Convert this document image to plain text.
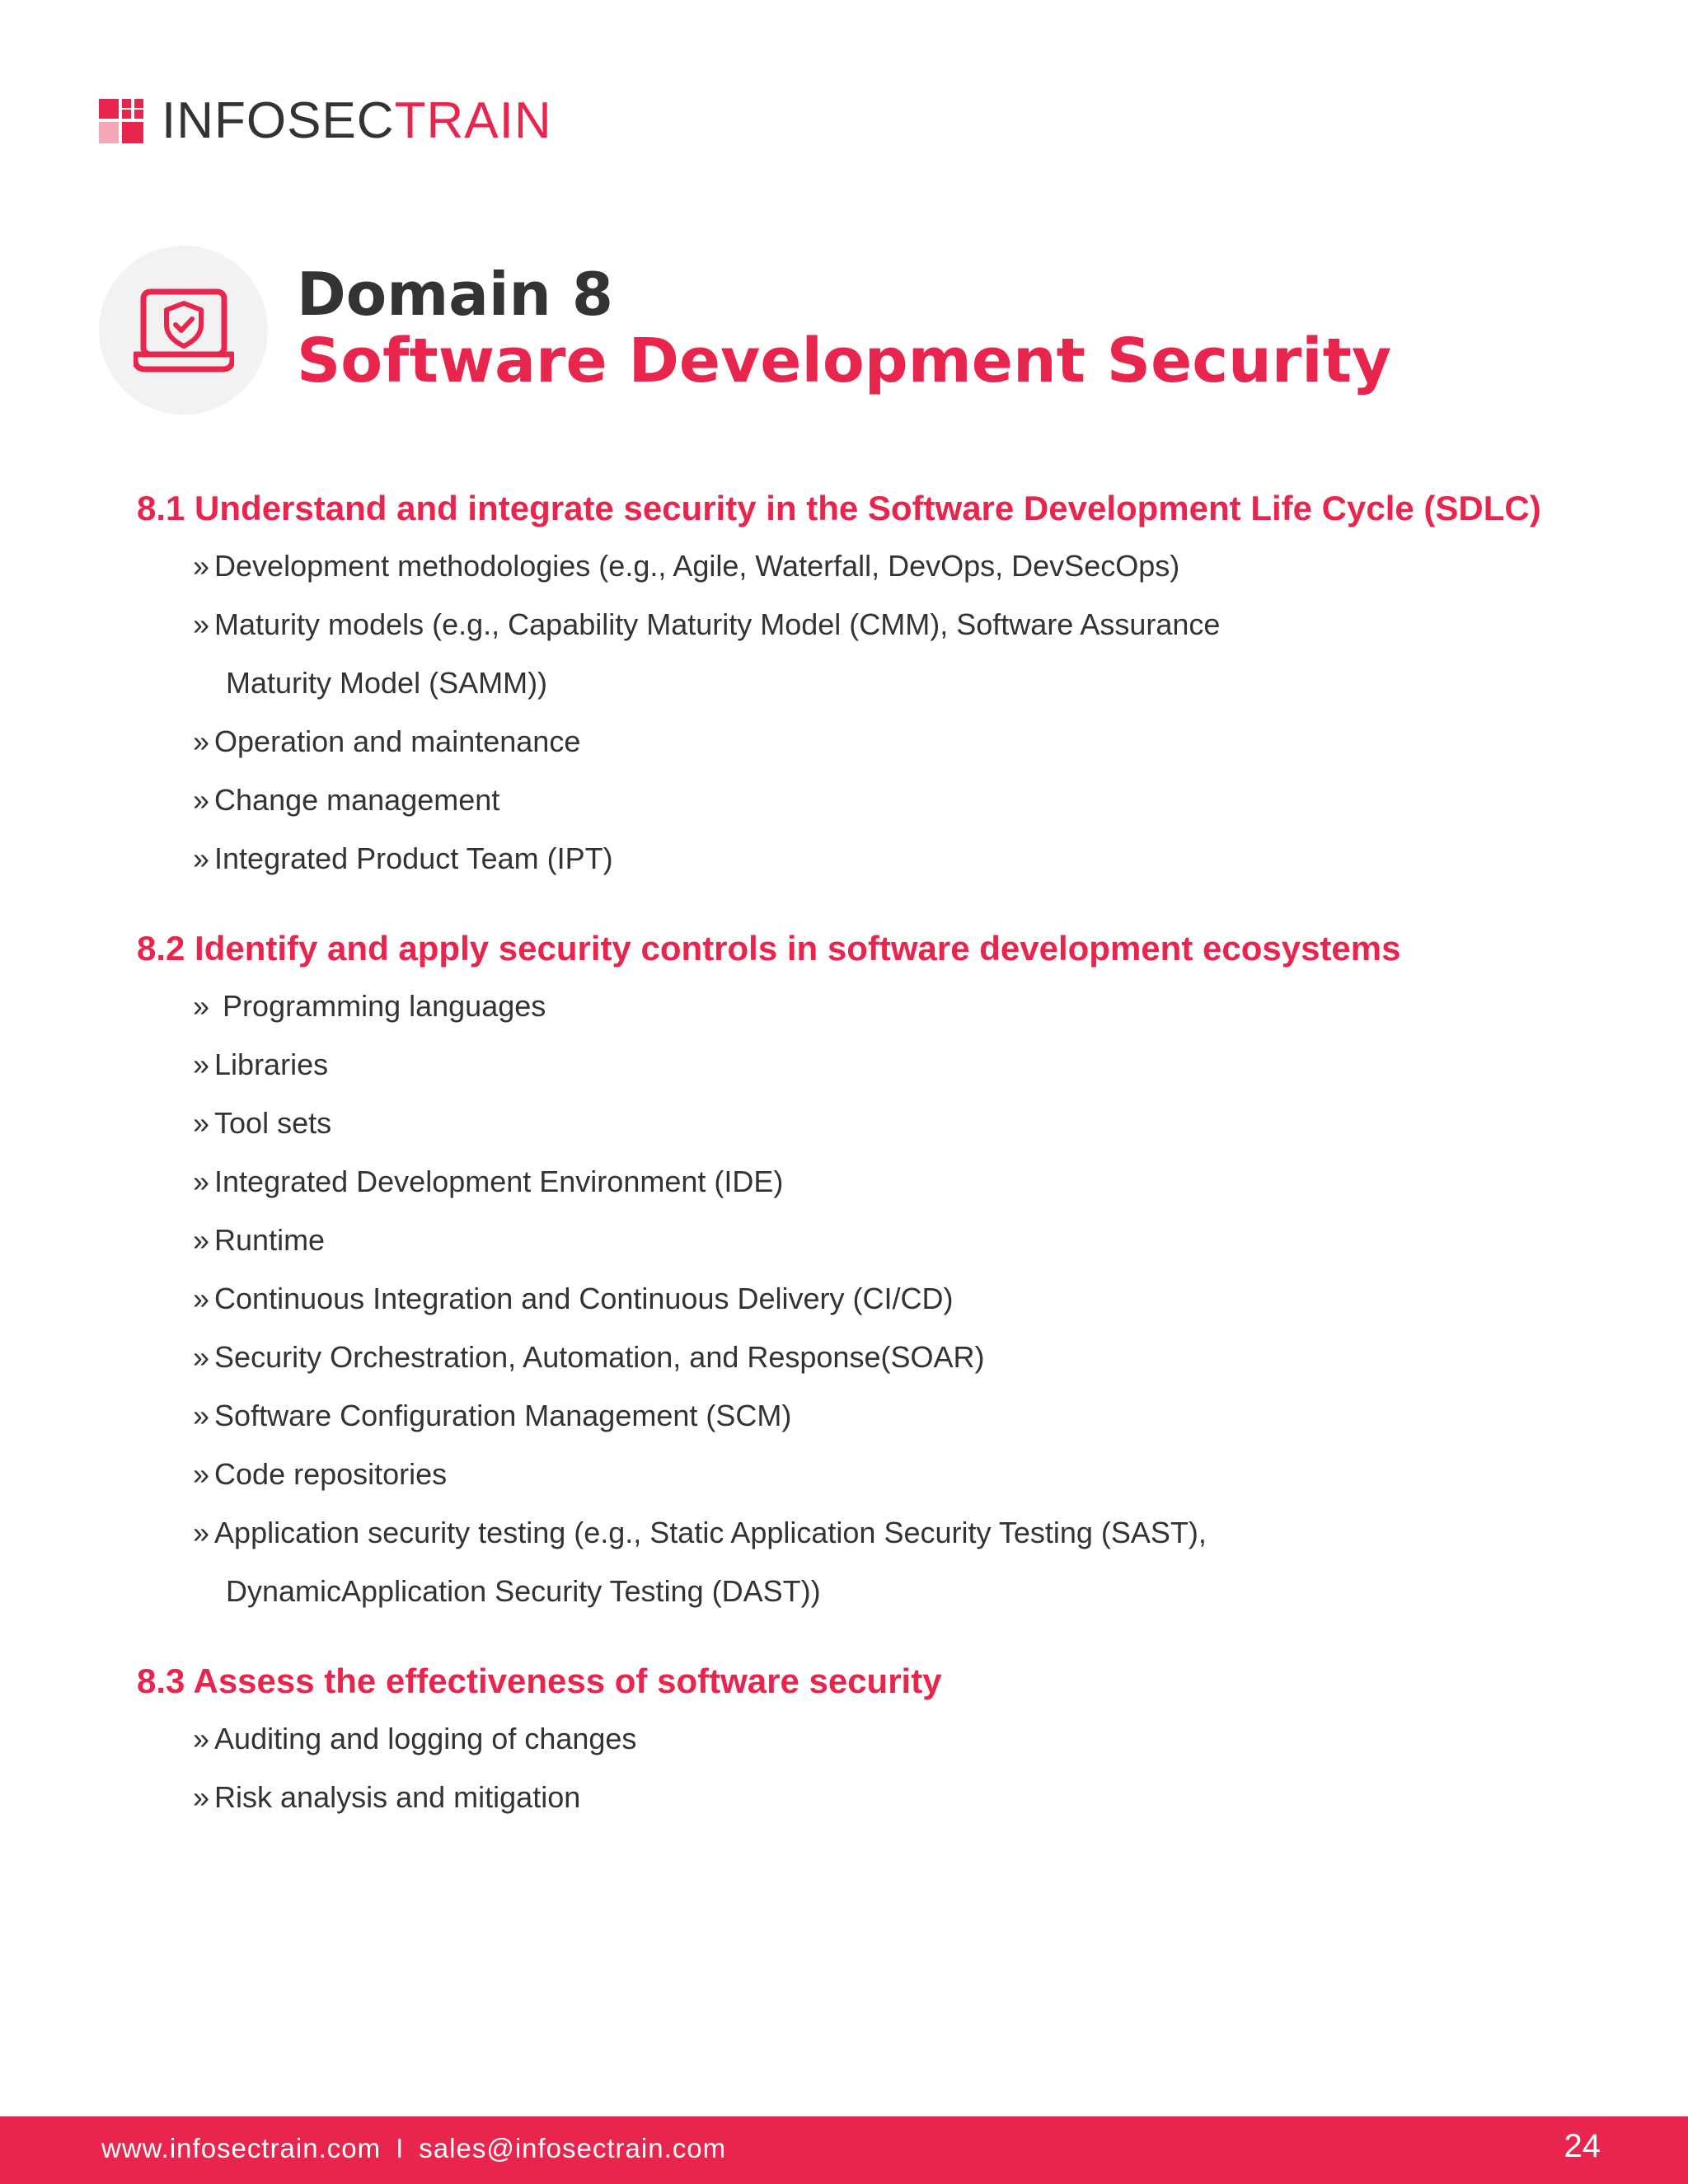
INFOSECTRAIN
Domain 8
Software Development Security
8.1 Understand and integrate security in the Software Development Life Cycle (SDLC)
» Development methodologies (e.g., Agile, Waterfall, DevOps, DevSecOps)
» Maturity models (e.g., Capability Maturity Model (CMM), Software Assurance
Maturity Model (SAMM))
» Operation and maintenance
» Change management
» Integrated Product Team (IPT)
8.2 Identify and apply security controls in software development ecosystems
» Programming languages
» Libraries
» Tool sets
» Integrated Development Environment (IDE)
» Runtime
» Continuous Integration and Continuous Delivery (CI/CD)
» Security Orchestration, Automation, and Response(SOAR)
» Software Configuration Management (SCM)
» Code repositories
» Application security testing (e.g., Static Application Security Testing (SAST),
DynamicApplication Security Testing (DAST))
8.3 Assess the effectiveness of software security
» Auditing and logging of changes
» Risk analysis and mitigation
www.infosectrain.com I sales@infosectrain.com	24
